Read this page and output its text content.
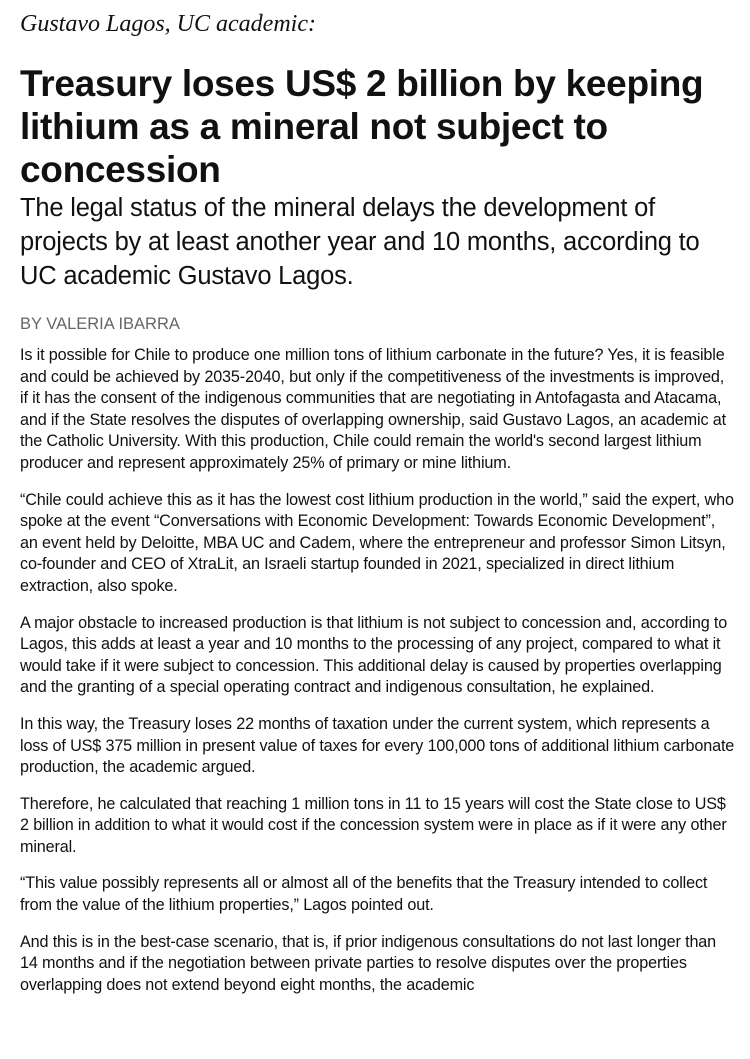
Gustavo Lagos, UC academic:

Treasury loses US$ 2 billion by keeping lithium as a mineral not subject to concession

The legal status of the mineral delays the development of projects by at least another year and 10 months, according to UC academic Gustavo Lagos.

BY VALERIA IBARRA

Is it possible for Chile to produce one million tons of lithium carbonate in the future? Yes, it is feasible and could be achieved by 2035-2040, but only if the competitiveness of the investments is improved, if it has the consent of the indigenous communities that are negotiating in Antofagasta and Atacama, and if the State resolves the disputes of overlapping ownership, said Gustavo Lagos, an academic at the Catholic University. With this production, Chile could remain the world's second largest lithium producer and represent approximately 25% of primary or mine lithium.

“Chile could achieve this as it has the lowest cost lithium production in the world,” said the expert, who spoke at the event “Conversations with Economic Development: Towards Economic Development”, an event held by Deloitte, MBA UC and Cadem, where the entrepreneur and professor Simon Litsyn, co-founder and CEO of XtraLit, an Israeli startup founded in 2021, specialized in direct lithium extraction, also spoke.

A major obstacle to increased production is that lithium is not subject to concession and, according to Lagos, this adds at least a year and 10 months to the processing of any project, compared to what it would take if it were subject to concession. This additional delay is caused by properties overlapping and the granting of a special operating contract and indigenous consultation, he explained.

In this way, the Treasury loses 22 months of taxation under the current system, which represents a loss of US$ 375 million in present value of taxes for every 100,000 tons of additional lithium carbonate production, the academic argued.

Therefore, he calculated that reaching 1 million tons in 11 to 15 years will cost the State close to US$ 2 billion in addition to what it would cost if the concession system were in place as if it were any other mineral.

“This value possibly represents all or almost all of the benefits that the Treasury intended to collect from the value of the lithium properties,” Lagos pointed out.

And this is in the best-case scenario, that is, if prior indigenous consultations do not last longer than 14 months and if the negotiation between private parties to resolve disputes over the properties overlapping does not extend beyond eight months, the academic
